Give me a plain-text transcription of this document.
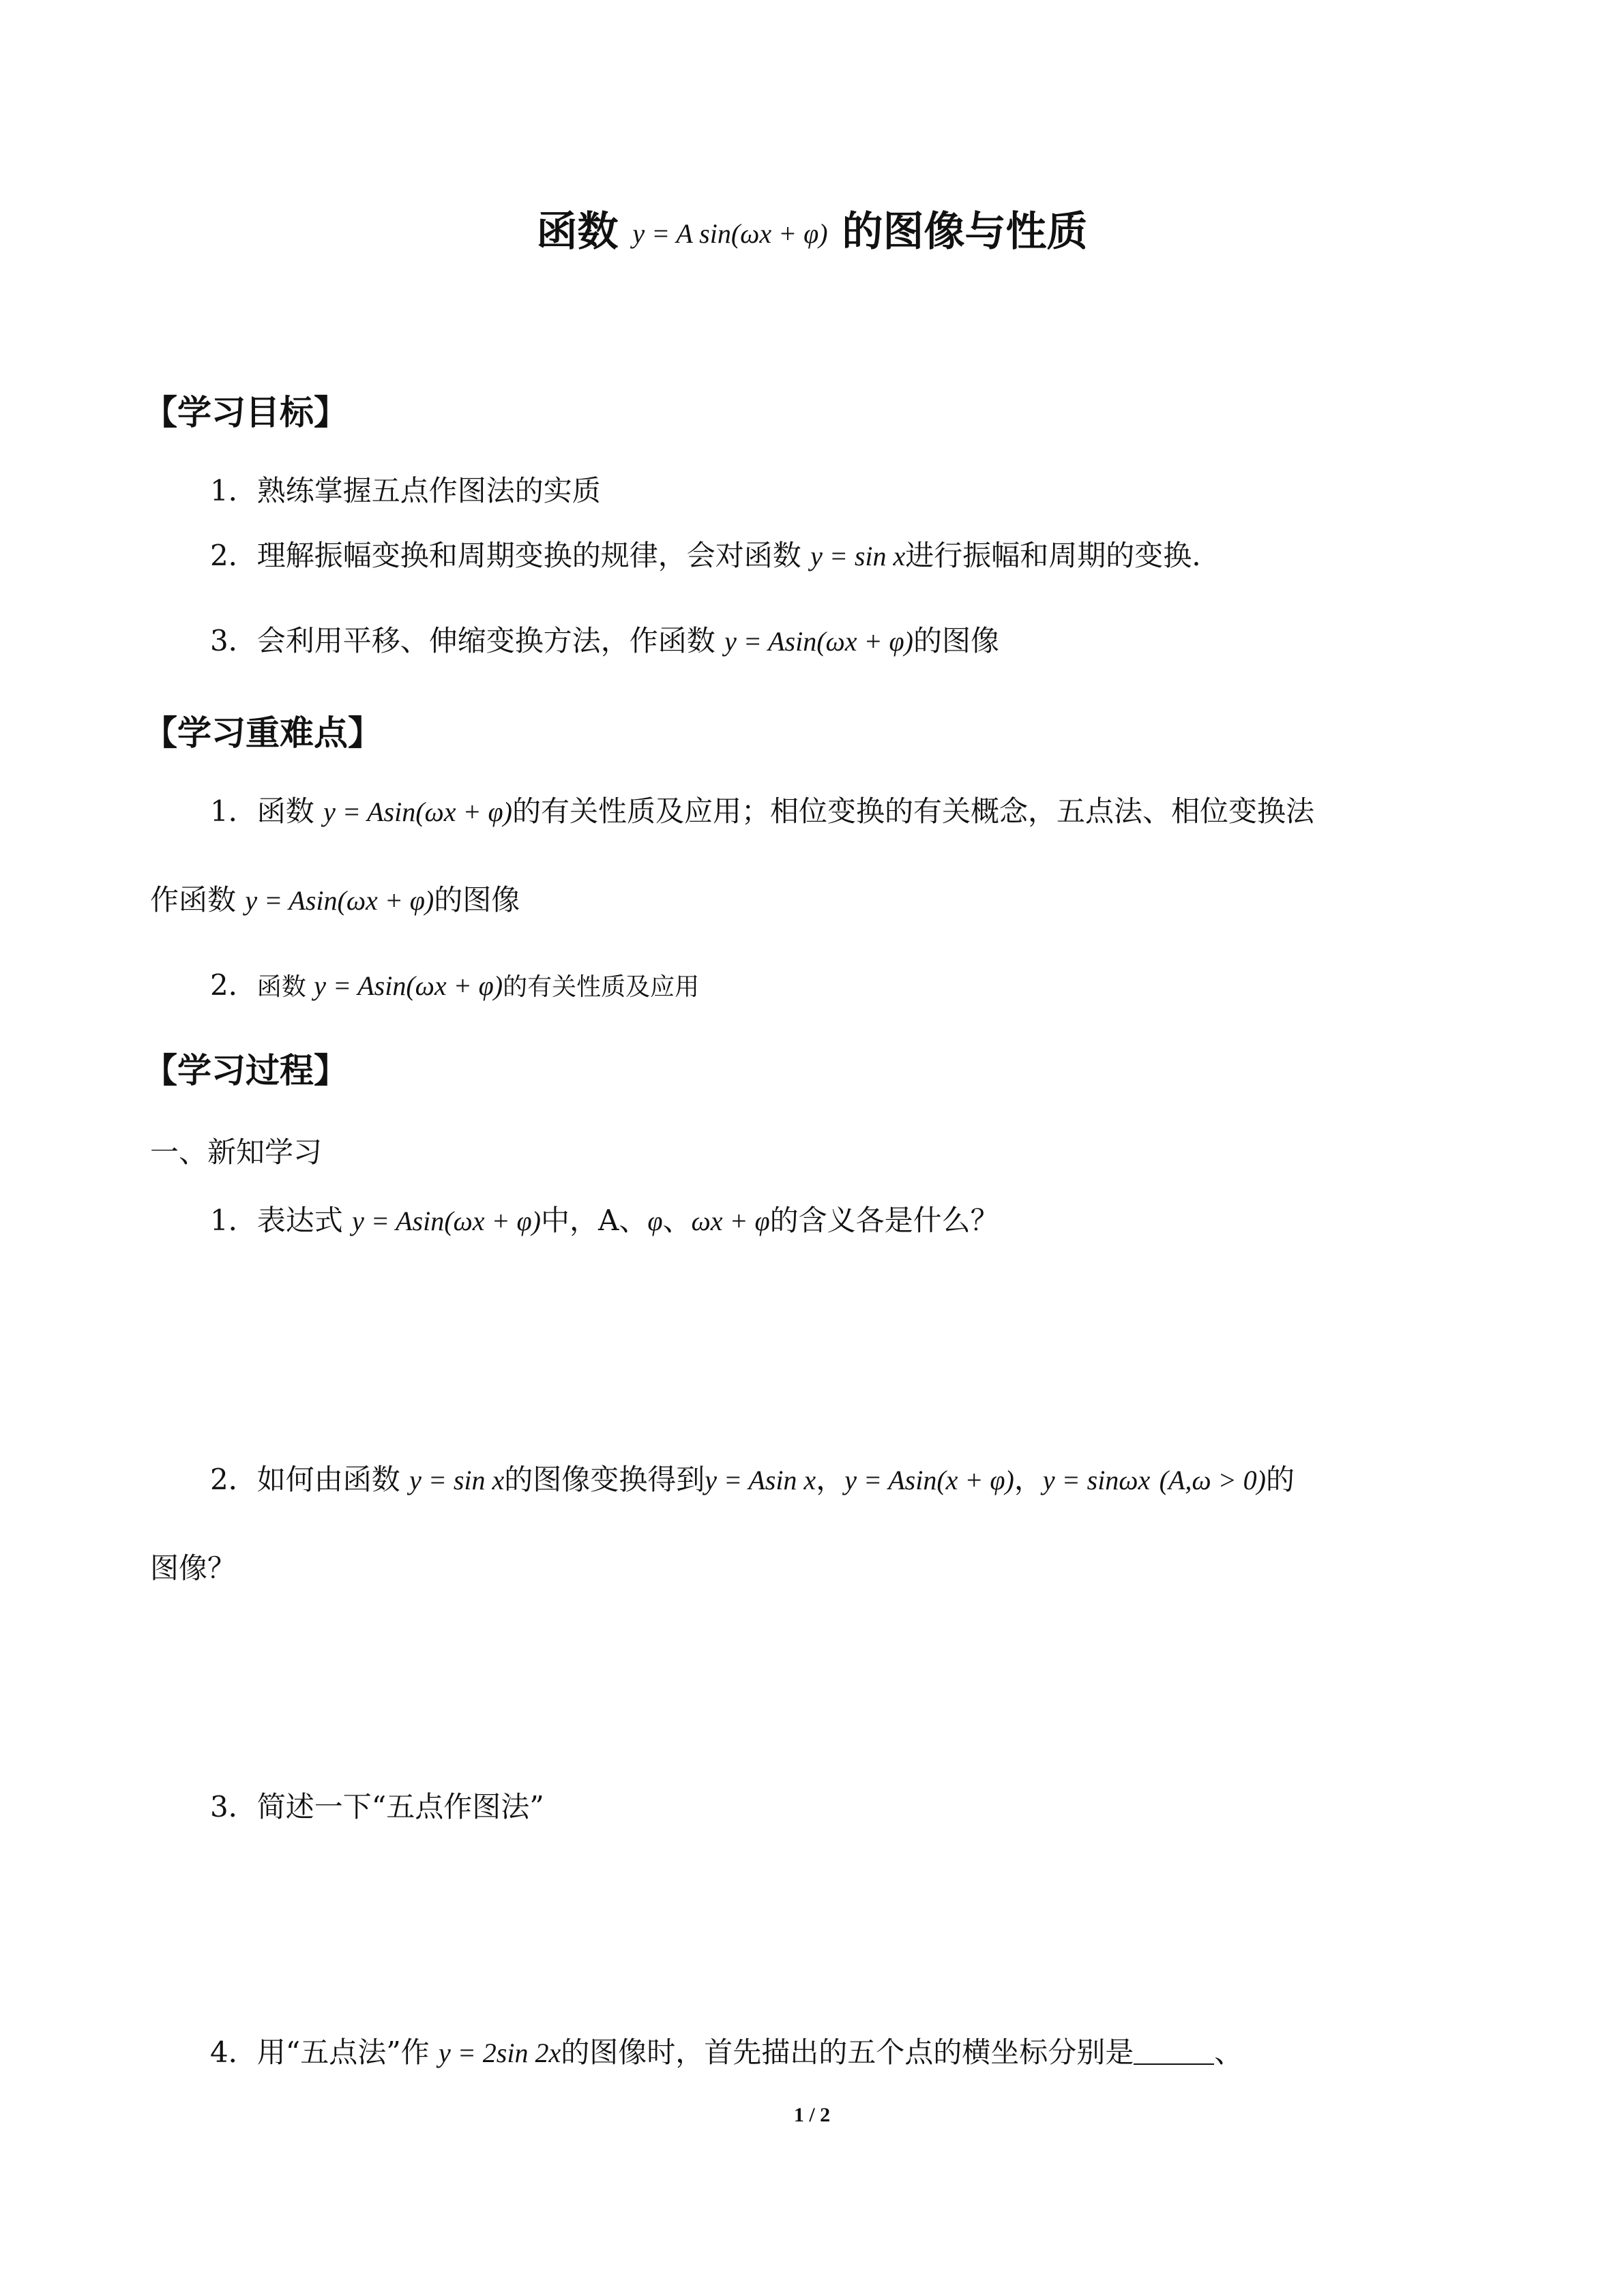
函数 y = A sin(ωx + φ) 的图像与性质
【学习目标】
1．熟练掌握五点作图法的实质
2．理解振幅变换和周期变换的规律，会对函数 y = sin x进行振幅和周期的变换.
3．会利用平移、伸缩变换方法，作函数 y = Asin(ωx + φ)的图像
【学习重难点】
1．函数 y = Asin(ωx + φ)的有关性质及应用；相位变换的有关概念，五点法、相位变换法
作函数 y = Asin(ωx + φ)的图像
2．函数 y = Asin(ωx + φ)的有关性质及应用
【学习过程】
一、新知学习
1．表达式 y = Asin(ωx + φ)中，A、φ、ωx + φ的含义各是什么？
2．如何由函数 y = sin x的图像变换得到y = Asin x，y = Asin(x + φ)，y = sinωx (A,ω > 0)的
图像？
3．简述一下“五点作图法”
4．用“五点法”作 y = 2sin 2x的图像时，首先描出的五个点的横坐标分别是	、
1 / 2
